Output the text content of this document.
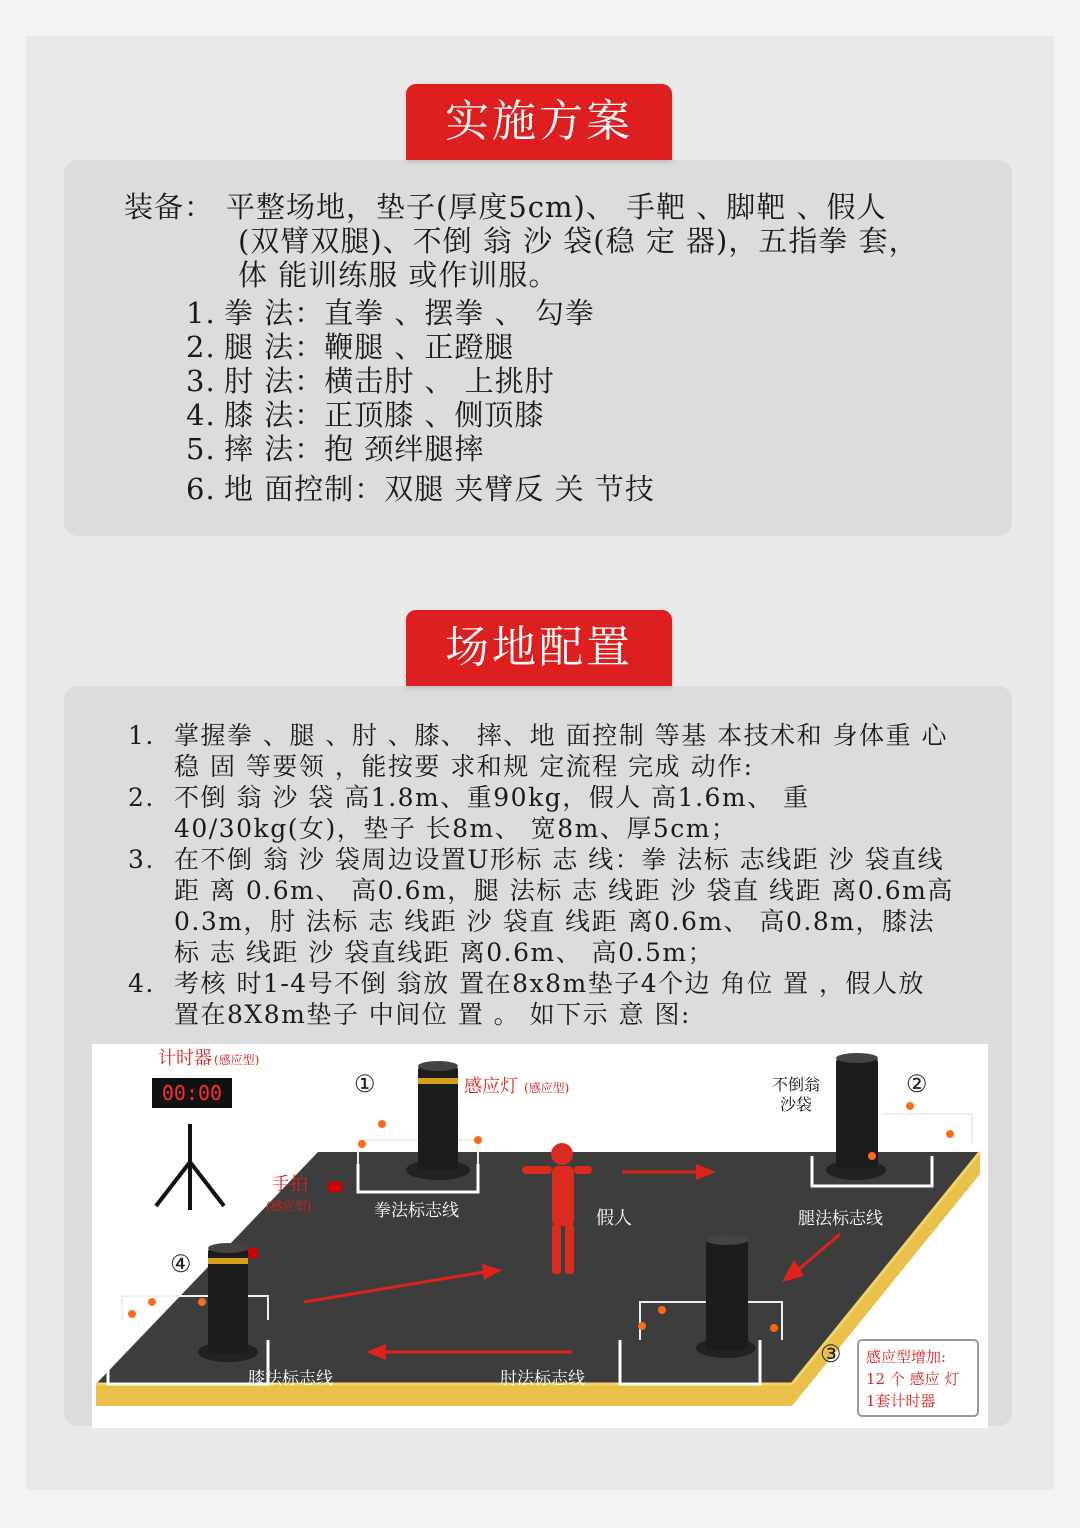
实施方案
装备： 平整场地，垫子(厚度5cm)、 手靶 、脚靶 、假人
(双臂双腿)、不倒 翁 沙 袋(稳 定 器)，五指拳 套，
体 能训练服 或作训服。
1. 拳 法：直拳 、摆拳 、 勾拳
2. 腿 法：鞭腿 、正蹬腿
3. 肘 法：横击肘 、 上挑肘
4. 膝 法：正顶膝 、侧顶膝
5. 摔 法：抱 颈绊腿摔
6. 地 面控制：双腿 夹臂反 关 节技
场地配置
1. 掌握拳 、腿 、肘 、膝、 摔、地 面控制 等基 本技术和 身体重 心稳 固 等要领 ，能按要 求和规 定流程 完成 动作:
2. 不倒 翁 沙 袋 高1.8m、重90kg，假人 高1.6m、 重40/30kg(女)，垫子 长8m、 宽8m、厚5cm；
3. 在不倒 翁 沙 袋周边设置U形标 志 线：拳 法标 志线距 沙 袋直线距 离 0.6m、 高0.6m，腿 法标 志 线距 沙 袋直 线距 离0.6m高 0.3m，肘 法标 志 线距 沙 袋直 线距 离0.6m、 高0.8m，膝法标 志 线距 沙 袋直线距 离0.6m、 高0.5m；
4. 考核 时1-4号不倒 翁放 置在8x8m垫子4个边 角位 置 ，假人放 置在8X8m垫子 中间位 置 。 如下示 意 图:
00:00
计时器 (感应型)
手拍
(感应型)
感应灯 (感应型)
①	②
③
④
拳法标志线
不倒翁
沙袋
腿法标志线
肘法标志线
膝法标志线
假人
感应型增加:
12 个 感应 灯
1套计时器
